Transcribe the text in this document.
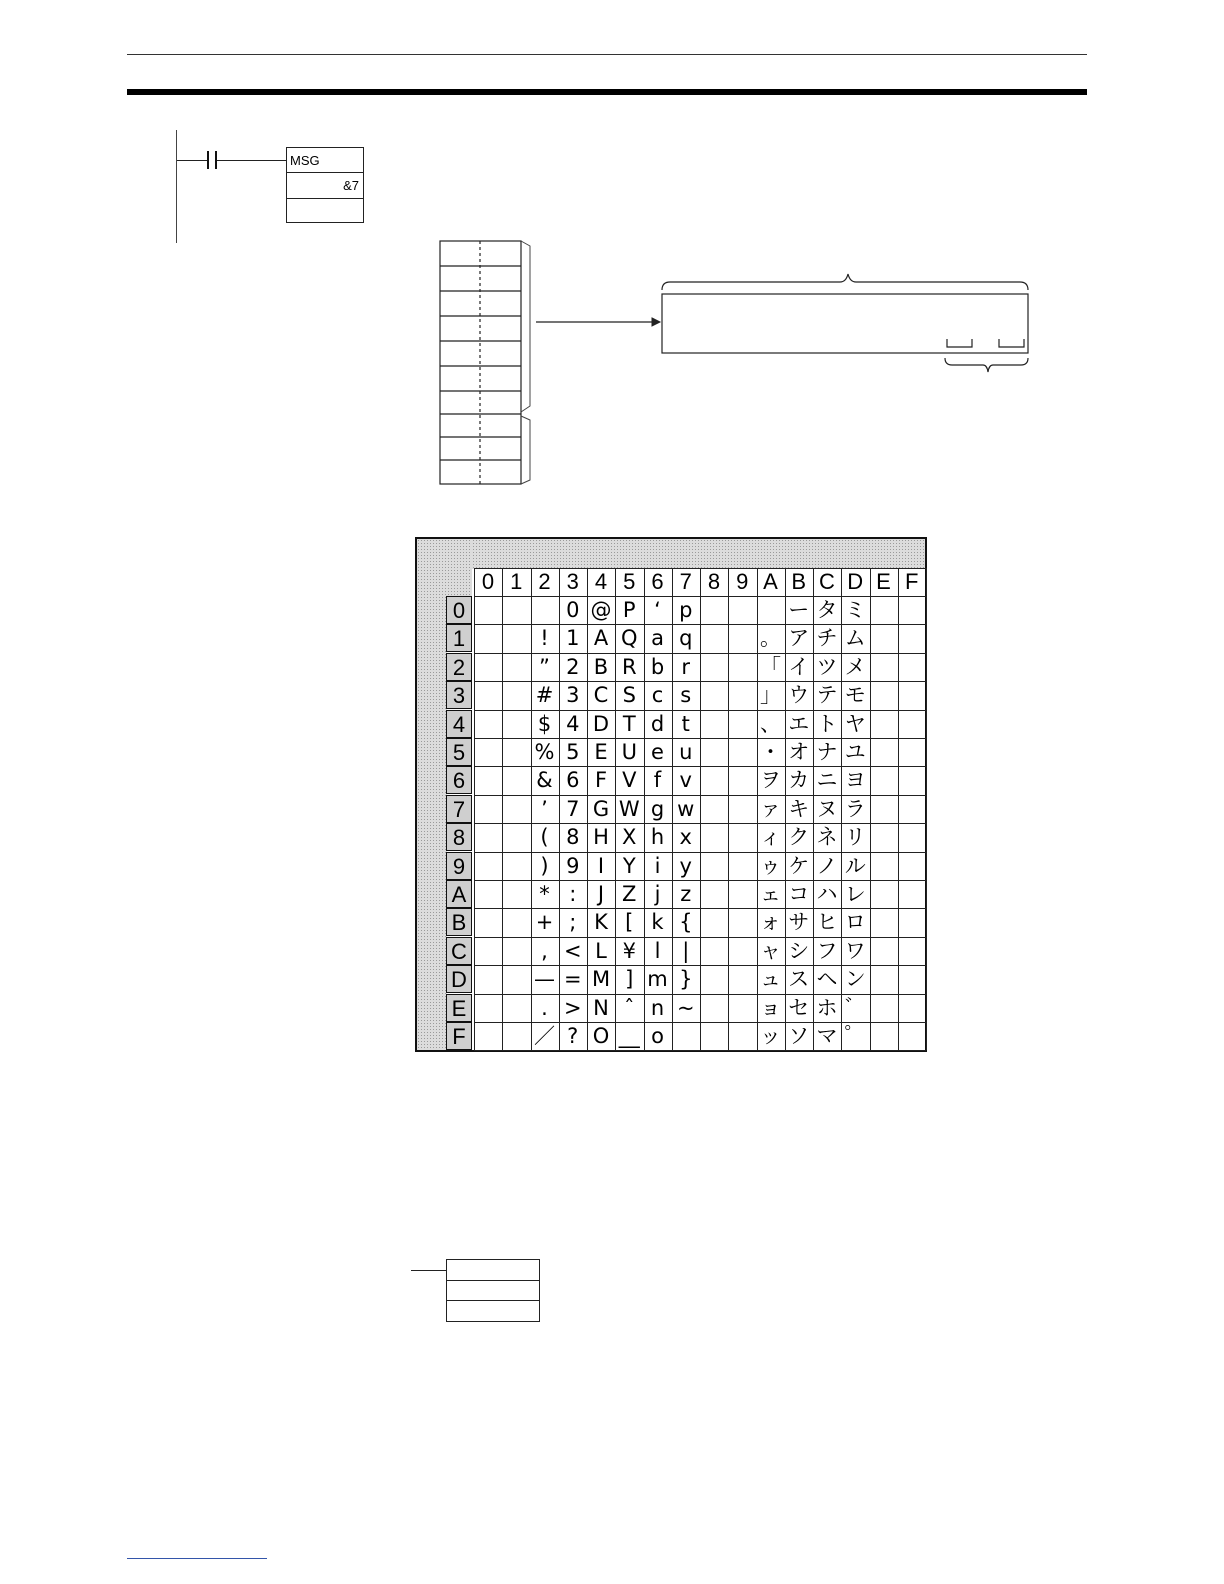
MSG
&7
0 1 2 3 4 5 6 7 8 9 A B C D E F
0
1
2
3
4
5
6
7
8
9
A
B
C
D
E
F
!
”
#
$
%
&
’
(
)
*
+
,
—
.
／
0
1
2
3
4
5
6
7
8
9
:
;
<
=
>
?
@
A
B
C
D
E
F
G
H
I
J
K
L
M
N
O
P
Q
R
S
T
U
V
W
X
Y
Z
[
¥
]
ˆ
__
‘
a
b
c
d
e
f
g
h
i
j
k
l
m
n
o
p
q
r
s
t
u
v
w
x
y
z
{
|
}
~
。
「
」
、
・
ヲ
ァ
ィ
ゥ
ェ
ォ
ャ
ュ
ョ
ッ
ー
ア
イ
ウ
エ
オ
カ
キ
ク
ケ
コ
サ
シ
ス
セ
ソ
タ
チ
ツ
テ
ト
ナ
ニ
ヌ
ネ
ノ
ハ
ヒ
フ
ヘ
ホ
マ
ミ
ム
メ
モ
ヤ
ユ
ヨ
ラ
リ
ル
レ
ロ
ワ
ン
゛
゜
